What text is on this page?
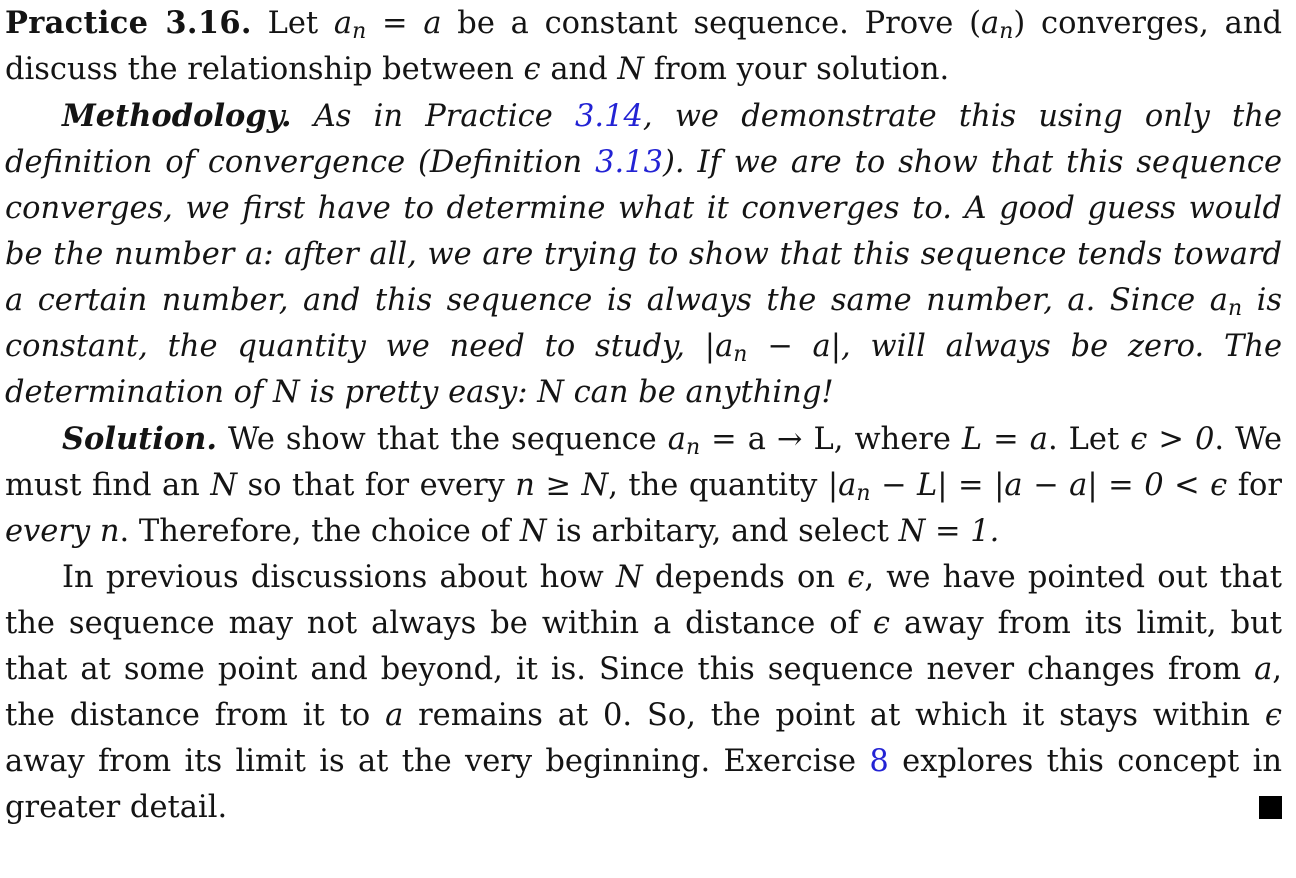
Practice 3.16. Let $a_n = a$ be a constant sequence. Prove $(a_n)$ converges, and discuss the relationship between ϵ and N from your solution.

Methodology. As in Practice 3.14, we demonstrate this using only the definition of convergence (Definition 3.13). If we are to show that this sequence converges, we first have to determine what it converges to. A good guess would be the number a: after all, we are trying to show that this sequence tends toward a certain number, and this sequence is always the same number, a. Since $a_n$ is constant, the quantity we need to study, $|a_n - a|$, will always be zero. The determination of N is pretty easy: N can be anything!

Solution. We show that the sequence $a_n = a \to L$, where L = a. Let ϵ > 0. We must find an N so that for every n ≥ N, the quantity $|a_n - L| = |a - a| = 0 < \epsilon$ for every n. Therefore, the choice of N is arbitary, and select N = 1.

In previous discussions about how N depends on ϵ, we have pointed out that the sequence may not always be within a distance of ϵ away from its limit, but that at some point and beyond, it is. Since this sequence never changes from a, the distance from it to a remains at 0. So, the point at which it stays within ϵ away from its limit is at the very beginning. Exercise 8 explores this concept in greater detail.
